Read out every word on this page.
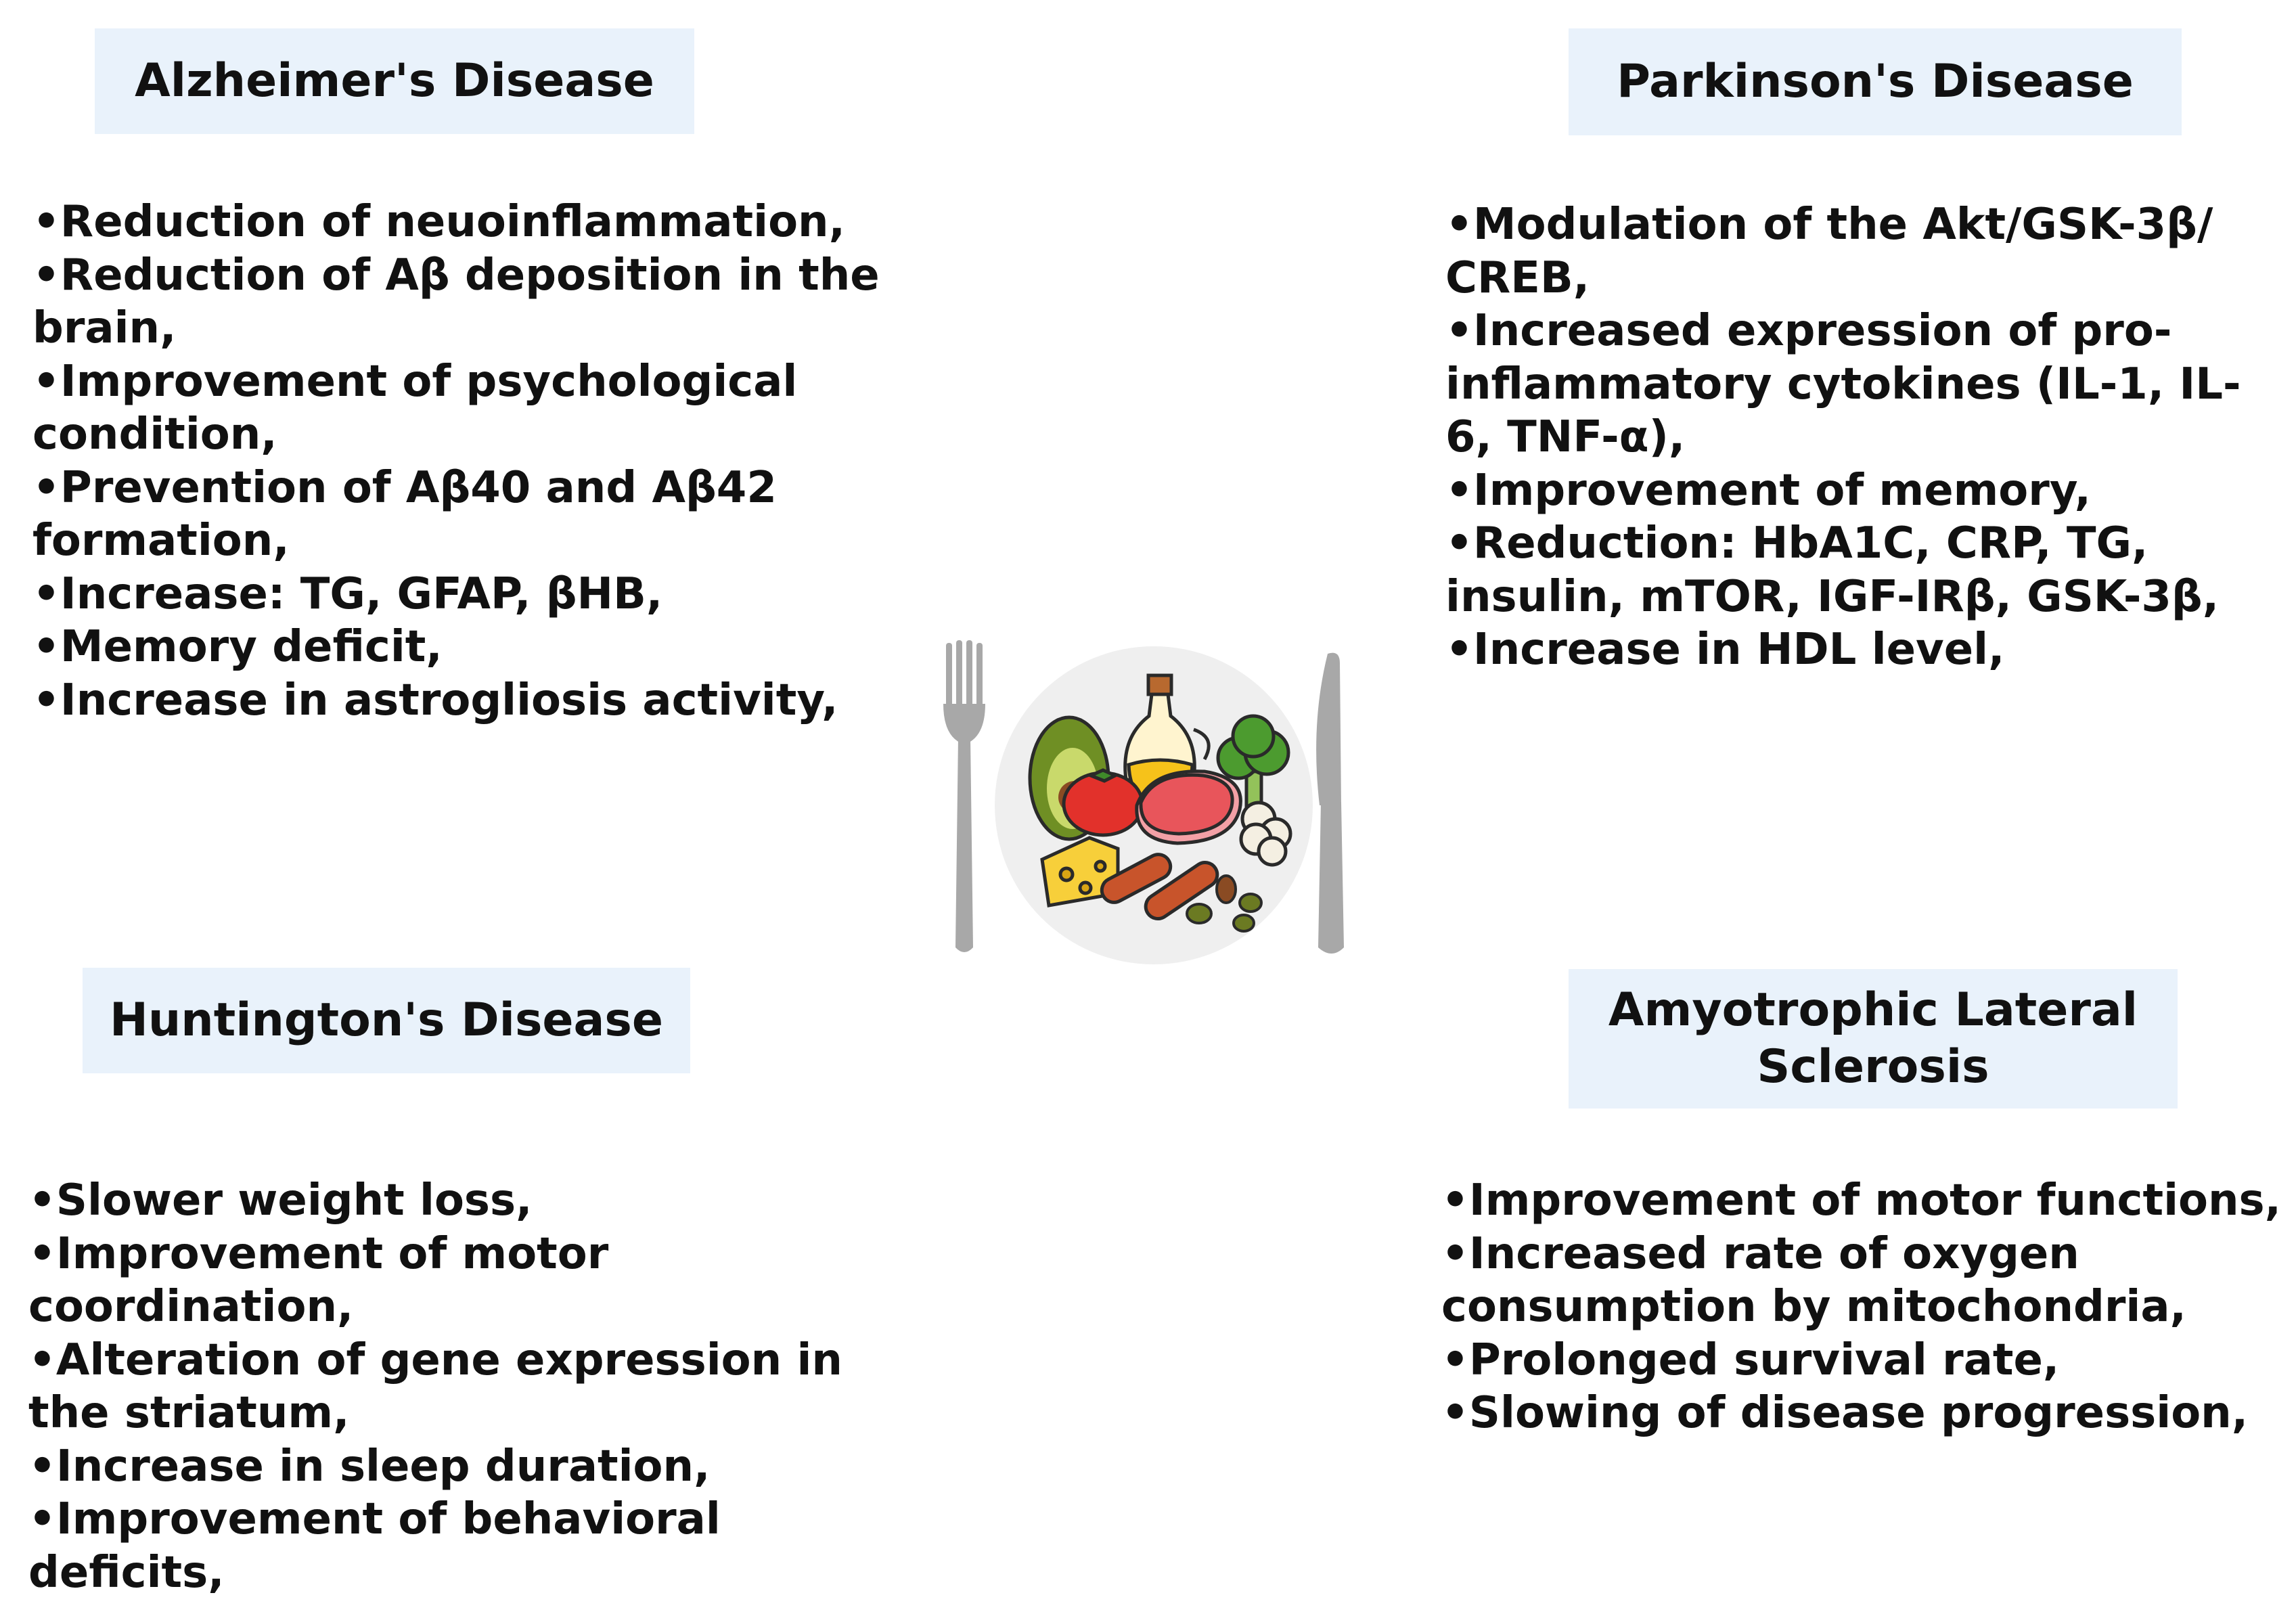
Alzheimer's Disease
• Reduction of neuoinflammation,
• Reduction of Aβ deposition in the brain,
• Improvement of psychological condition,
• Prevention of Aβ40 and Aβ42 formation,
• Increase: TG, GFAP, βHB,
• Memory deficit,
• Increase in astrogliosis activity,
Parkinson's Disease
• Modulation of the Akt/GSK-3β/ CREB,
• Increased expression of pro-inflammatory cytokines (IL-1, IL-6, TNF-α),
• Improvement of memory,
• Reduction: HbA1C, CRP, TG, insulin, mTOR, IGF-IRβ, GSK-3β,
• Increase in HDL level,
Huntington's Disease
• Slower weight loss,
• Improvement of motor coordination,
• Alteration of gene expression in the striatum,
• Increase in sleep duration,
• Improvement of behavioral deficits,
Amyotrophic Lateral Sclerosis
• Improvement of motor functions,
• Increased rate of oxygen consumption by mitochondria,
• Prolonged survival rate,
• Slowing of disease progression,
